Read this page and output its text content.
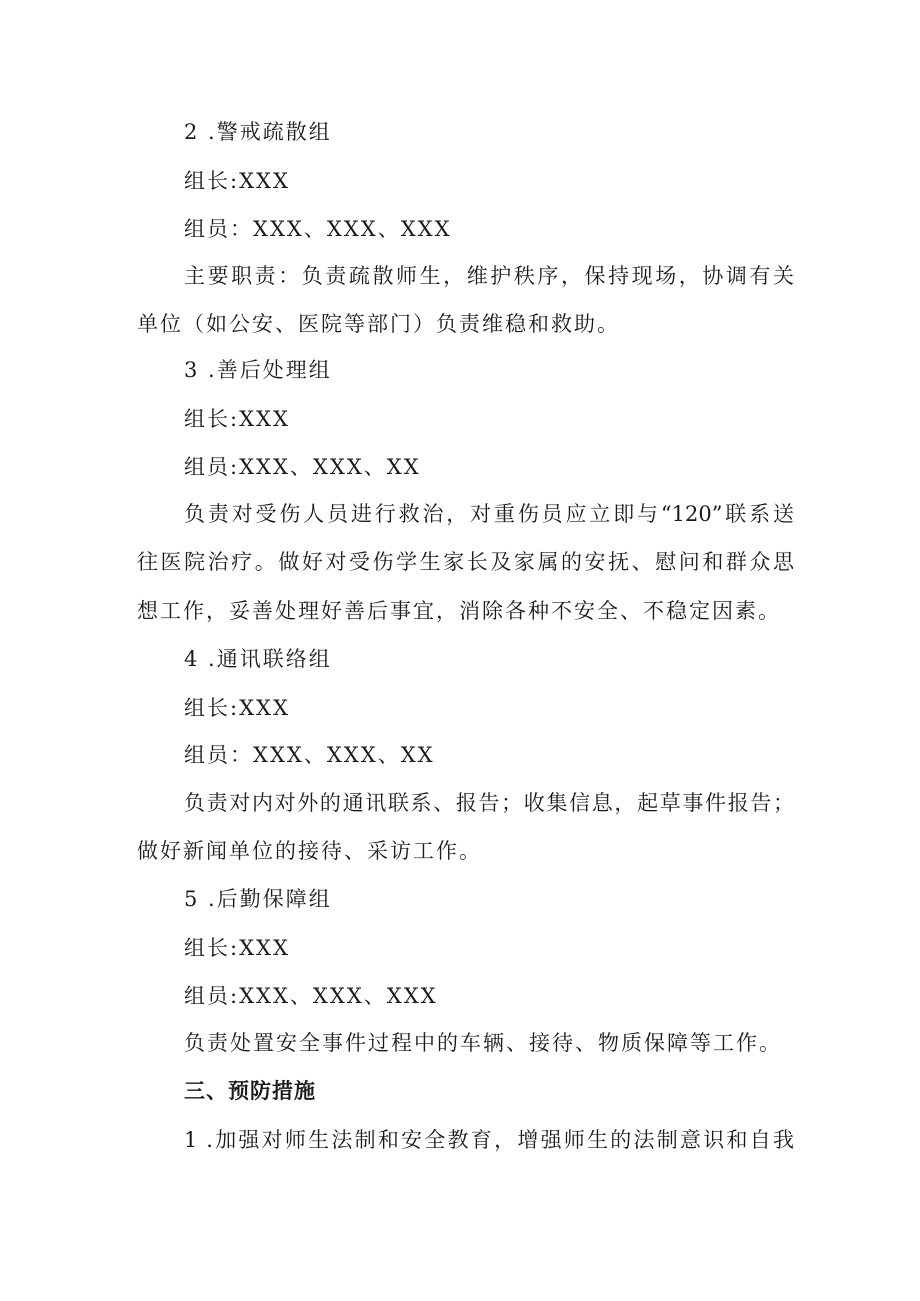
2 .警戒疏散组
组长:XXX
组员：XXX、XXX、XXX
主要职责：负责疏散师生，维护秩序，保持现场，协调有关
单位（如公安、医院等部门）负责维稳和救助。
3 .善后处理组
组长:XXX
组员:XXX、XXX、XX
负责对受伤人员进行救治，对重伤员应立即与“120”联系送
往医院治疗。做好对受伤学生家长及家属的安抚、慰问和群众思
想工作，妥善处理好善后事宜，消除各种不安全、不稳定因素。
4 .通讯联络组
组长:XXX
组员：XXX、XXX、XX
负责对内对外的通讯联系、报告；收集信息，起草事件报告；
做好新闻单位的接待、采访工作。
5 .后勤保障组
组长:XXX
组员:XXX、XXX、XXX
负责处置安全事件过程中的车辆、接待、物质保障等工作。
三、预防措施
1 .加强对师生法制和安全教育，增强师生的法制意识和自我
